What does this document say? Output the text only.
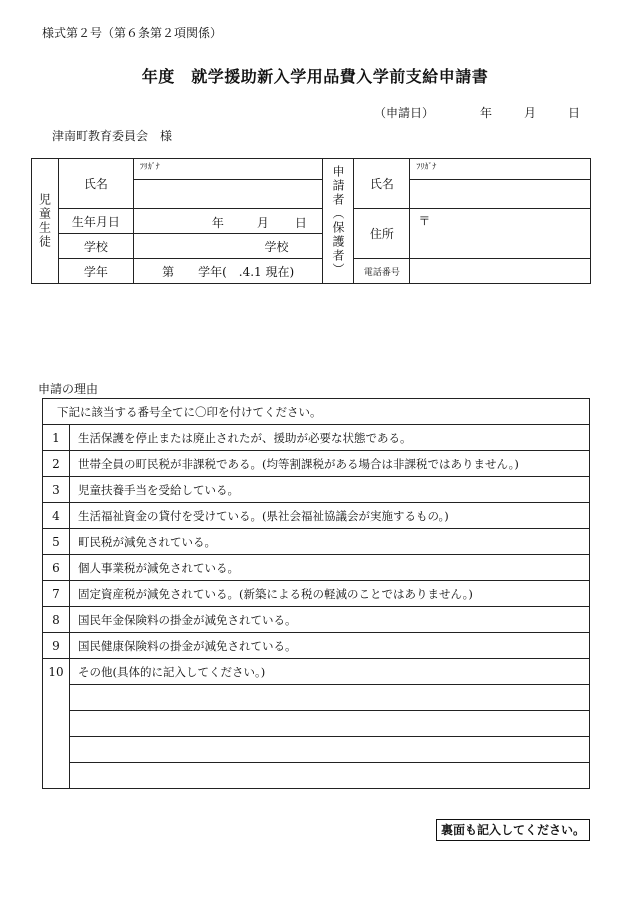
様式第２号（第６条第２項関係）
年度　就学援助新入学用品費入学前支給申請書
（申請日）	年	月	日
津南町教育委員会　様
児童生徒	氏名	ﾌﾘｶﾞﾅ	申請者（保護者）	氏名	ﾌﾘｶﾞﾅ

	生年月日	年 月 日		住所	〒
	学校	学校			
	学年	第　　学年(　.4.1 現在)		電話番号	
申請の理由
下記に該当する番号全てに〇印を付けてください。	
1	生活保護を停止または廃止されたが、援助が必要な状態である。
2	世帯全員の町民税が非課税である。(均等割課税がある場合は非課税ではありません。)
3	児童扶養手当を受給している。
4	生活福祉資金の貸付を受けている。(県社会福祉協議会が実施するもの。)
5	町民税が減免されている。
6	個人事業税が減免されている。
7	固定資産税が減免されている。(新築による税の軽減のことではありません。)
8	国民年金保険料の掛金が減免されている。
9	国民健康保険料の掛金が減免されている。
10	その他(具体的に記入してください。)

裏面も記入してください。
